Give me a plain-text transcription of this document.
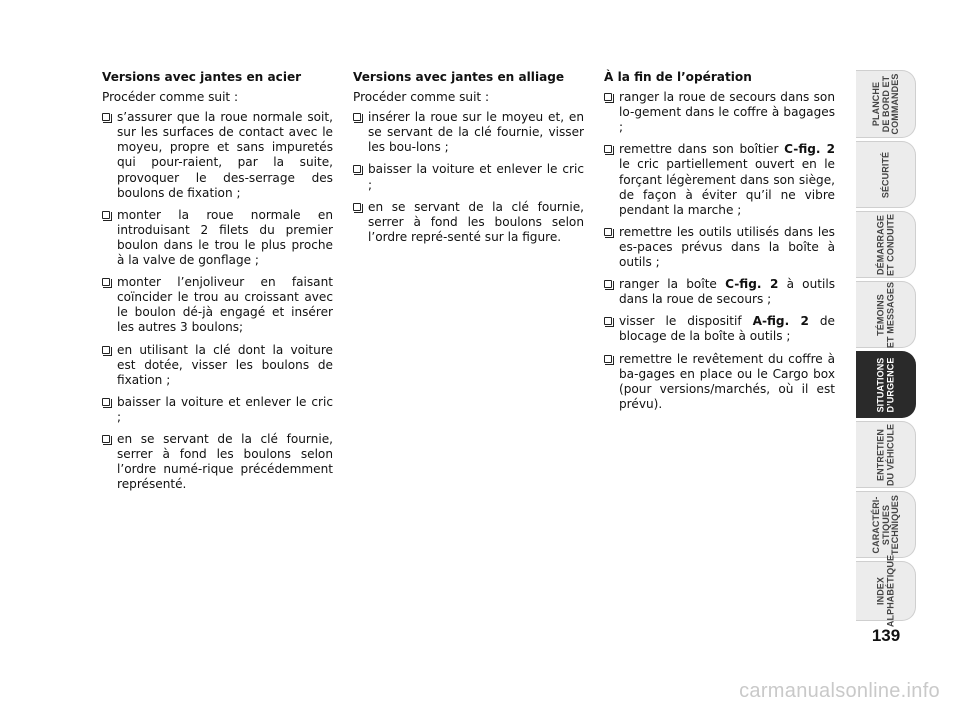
Versions avec jantes en acier
Procéder comme suit :
s’assurer que la roue normale soit, sur les surfaces de contact avec le moyeu, propre et sans impuretés qui pour-raient, par la suite, provoquer le des-serrage des boulons de fixation ;
monter la roue normale en introduisant 2 filets du premier boulon dans le trou le plus proche à la valve de gonflage ;
monter l’enjoliveur en faisant coïncider le trou au croissant avec le boulon dé-jà engagé et insérer les autres 3 boulons;
en utilisant la clé dont la voiture est dotée, visser les boulons de fixation ;
baisser la voiture et enlever le cric ;
en se servant de la clé fournie, serrer à fond les boulons selon l’ordre numé-rique précédemment représenté.
Versions avec jantes en alliage
Procéder comme suit :
insérer la roue sur le moyeu et, en se servant de la clé fournie, visser les bou-lons ;
baisser la voiture et enlever le cric ;
en se servant de la clé fournie, serrer à fond les boulons selon l’ordre repré-senté sur la figure.
À la fin de l’opération
ranger la roue de secours dans son lo-gement dans le coffre à bagages ;
remettre dans son boîtier C-fig. 2 le cric partiellement ouvert en le forçant légèrement dans son siège, de façon à éviter qu’il ne vibre pendant la marche ;
remettre les outils utilisés dans les es-paces prévus dans la boîte à outils ;
ranger la boîte C-fig. 2 à outils dans la roue de secours ;
visser le dispositif A-fig. 2 de blocage de la boîte à outils ;
remettre le revêtement du coffre à ba-gages en place ou le Cargo box (pour versions/marchés, où il est prévu).
PLANCHE
DE BORD ET
COMMANDES
SÉCURITÉ
DÉMARRAGE
ET CONDUITE
TÉMOINS
ET MESSAGES
SITUATIONS
D’URGENCE
ENTRETIEN
DU VÉHICULE
CARACTÉRI-
STIQUES
TECHNIQUES
INDEX
ALPHABÉTIQUE
139
carmanualsonline.info
